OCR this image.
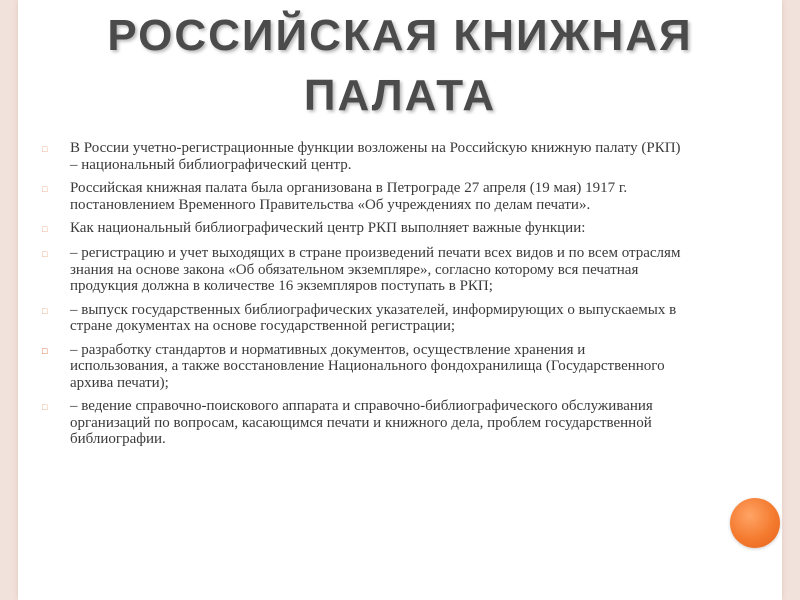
РОССИЙСКАЯ КНИЖНАЯ
ПАЛАТА
□	В России учетно-регистрационные функции возложены на Российскую книжную палату (РКП) – национальный библиографический центр.
□	Российская книжная палата была организована в Петрограде 27 апреля (19 мая) 1917 г. постановлением Временного Правительства «Об учреждениях по делам печати».
□	Как национальный библиографический центр РКП выполняет важные функции:
□	– регистрацию и учет выходящих в стране произведений печати всех видов и по всем отраслям знания на основе закона «Об обязательном экземпляре», согласно которому вся печатная продукция должна в количестве 16 экземпляров поступать в РКП;
□	– выпуск государственных библиографических указателей, информирующих о выпускаемых в стране документах на основе государственной регистрации;
□	– разработку стандартов и нормативных документов, осуществление хранения и использования, а также восстановление Национального фондохранилища (Государственного архива печати);
□	– ведение справочно-поискового аппарата и справочно-библиографического обслуживания организаций по вопросам, касающимся печати и книжного дела, проблем государственной библиографии.
